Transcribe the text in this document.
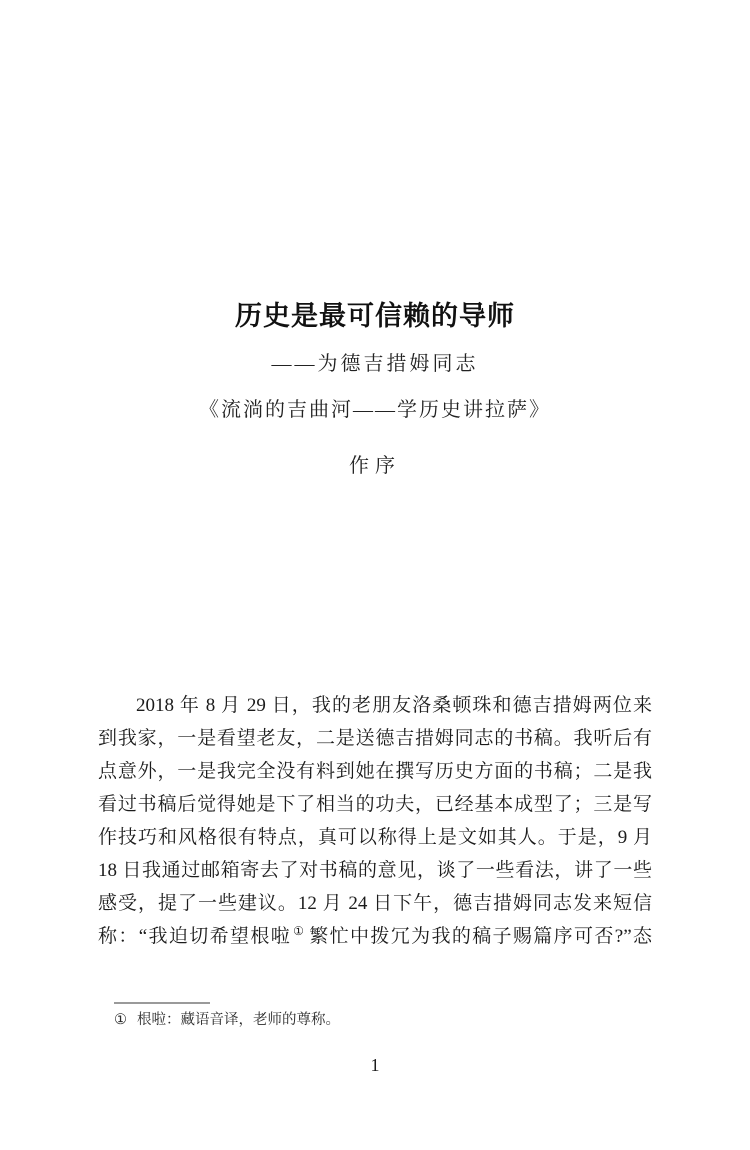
历史是最可信赖的导师
——为德吉措姆同志
《流淌的吉曲河——学历史讲拉萨》
作序
2018 年 8 月 29 日，我的老朋友洛桑顿珠和德吉措姆两位来
到我家，一是看望老友，二是送德吉措姆同志的书稿。我听后有
点意外，一是我完全没有料到她在撰写历史方面的书稿；二是我
看过书稿后觉得她是下了相当的功夫，已经基本成型了；三是写
作技巧和风格很有特点，真可以称得上是文如其人。于是，9 月
18 日我通过邮箱寄去了对书稿的意见，谈了一些看法，讲了一些
感受，提了一些建议。12 月 24 日下午，德吉措姆同志发来短信
称：“我迫切希望根啦 ① 繁忙中拨冗为我的稿子赐篇序可否?”态
① 根啦：藏语音译，老师的尊称。
1
